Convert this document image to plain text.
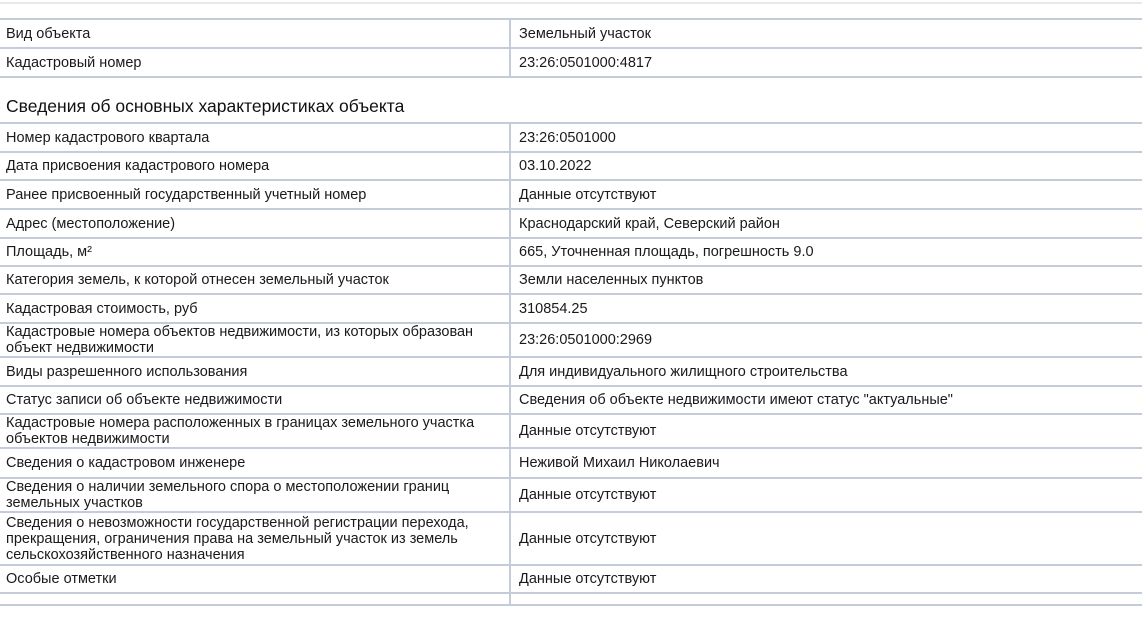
Вид объекта	Земельный участок
Кадастровый номер	23:26:0501000:4817
Сведения об основных характеристиках объекта
Номер кадастрового квартала	23:26:0501000
Дата присвоения кадастрового номера	03.10.2022
Ранее присвоенный государственный учетный номер	Данные отсутствуют
Адрес (местоположение)	Краснодарский край, Северский район
Площадь, м²	665, Уточненная площадь, погрешность 9.0
Категория земель, к которой отнесен земельный участок	Земли населенных пунктов
Кадастровая стоимость, руб	310854.25
Кадастровые номера объектов недвижимости, из которых образован объект недвижимости	23:26:0501000:2969
Виды разрешенного использования	Для индивидуального жилищного строительства
Статус записи об объекте недвижимости	Сведения об объекте недвижимости имеют статус "актуальные"
Кадастровые номера расположенных в границах земельного участка объектов недвижимости	Данные отсутствуют
Сведения о кадастровом инженере	Неживой Михаил Николаевич
Сведения о наличии земельного спора о местоположении границ земельных участков	Данные отсутствуют
Сведения о невозможности государственной регистрации перехода, прекращения, ограничения права на земельный участок из земель сельскохозяйственного назначения	Данные отсутствуют
Особые отметки	Данные отсутствуют
